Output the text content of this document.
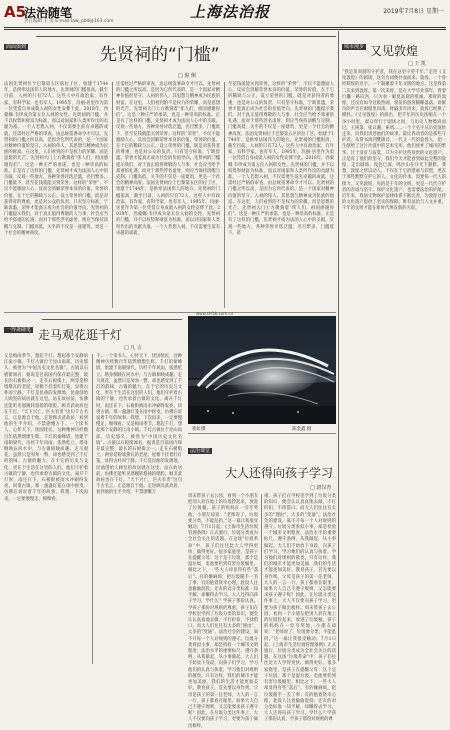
A5
法治随笔
责任编辑 王 炎 E-mail:law_pbd@163.com
上海法治报	2019年7月8日 星期一
面面俱到	先贤祠的“门槛”
□ 倪 炯
法国先贤祠位于巴黎第五区的拉丁区，始建于1744年，是供奉法国伟人的地方。先贤祠的门槛很高，截至目前，入祠的只有72人。这些人中有政治家，有作家，有科学家，也有军人。1995年，玛丽·居里作为第一位凭借自身成就入祠的女性安葬于此。2018年，西蒙娜·韦伊成为第五位入祠的女性。先贤祠的门槛，并不以权势和财富为标准，而以对国家和人类所作出的贡献为准。一个人若想入祠，不仅需要生前有卓越的成就，还需经过严格的审查，由总统签署命令才可以。先贤祠的门槛之所以高，是因为它所代表的，是一个国家对精神价值的坚守。入祠的伟人，其思想与精神成为民族的财富。在这里，人们看到的不是权力的荣耀，而是思想的光芒。先贤祠大门上方镌刻着“伟人们，祖国感谢你们”。这是一种庄严的承诺，也是一种崇高的标准。正是有了这样的门槛，先贤祠才成为法国人心中的圣殿。反观一些地方，各种荣誉评选泛滥，名目繁多，门槛低下，甚至花钱就能买到荣誉。这样的“荣誉”，不仅不能激励人心，反而会消解荣誉本身的价值。荣誉的价值，在于它的稀缺与公正。设立荣誉的门槛，既是对获得者的尊重，也是对公众的负责。只有坚守标准，宁缺毋滥，荣誉才能真正成为社会的价值导向。先贤祠的门槛提示我们，对于真正值得尊敬的人与事，社会应当给予郑重的礼遇；而对于那些浮名虚誉，则应当保持清醒与克制。门槛高低，关乎的不仅是一座建筑，更是一个社会的精神高度。
还需经过严格的审查，由总统签署命令才可以。先贤祠的门槛之所以高，是因为它所代表的，是一个国家对精神价值的坚守。入祠的伟人，其思想与精神成为民族的财富。在这里，人们看到的不是权力的荣耀，而是思想的光芒。先贤祠大门上方镌刻着“伟人们，祖国感谢你们”。这是一种庄严的承诺，也是一种崇高的标准。正是有了这样的门槛，先贤祠才成为法国人心中的圣殿。反观一些地方，各种荣誉评选泛滥，名目繁多，门槛低下，甚至花钱就能买到荣誉。这样的“荣誉”，不仅不能激励人心，反而会消解荣誉本身的价值。荣誉的价值，在于它的稀缺与公正。设立荣誉的门槛，既是对获得者的尊重，也是对公众的负责。只有坚守标准，宁缺毋滥，荣誉才能真正成为社会的价值导向。先贤祠的门槛提示我们，对于真正值得尊敬的人与事，社会应当给予郑重的礼遇；而对于那些浮名虚誉，则应当保持清醒与克制。门槛高低，关乎的不仅是一座建筑，更是一个社会的精神高度。法国先贤祠位于巴黎第五区的拉丁区，始建于1744年，是供奉法国伟人的地方。先贤祠的门槛很高，截至目前，入祠的只有72人。这些人中有政治家，有作家，有科学家，也有军人。1995年，玛丽·居里作为第一位凭借自身成就入祠的女性安葬于此。2018年，西蒙娜·韦伊成为第五位入祠的女性。先贤祠的门槛，并不以权势和财富为标准，而以对国家和人类所作出的贡献为准。一个人若想入祠，不仅需要生前有卓越的成就，
至花钱就能买到荣誉。这样的“荣誉”，不仅不能激励人心，反而会消解荣誉本身的价值。荣誉的价值，在于它的稀缺与公正。设立荣誉的门槛，既是对获得者的尊重，也是对公众的负责。只有坚守标准，宁缺毋滥，荣誉才能真正成为社会的价值导向。先贤祠的门槛提示我们，对于真正值得尊敬的人与事，社会应当给予郑重的礼遇；而对于那些浮名虚誉，则应当保持清醒与克制。门槛高低，关乎的不仅是一座建筑，更是一个社会的精神高度。法国先贤祠位于巴黎第五区的拉丁区，始建于1744年，是供奉法国伟人的地方。先贤祠的门槛很高，截至目前，入祠的只有72人。这些人中有政治家，有作家，有科学家，也有军人。1995年，玛丽·居里作为第一位凭借自身成就入祠的女性安葬于此。2018年，西蒙娜·韦伊成为第五位入祠的女性。先贤祠的门槛，并不以权势和财富为标准，而以对国家和人类所作出的贡献为准。一个人若想入祠，不仅需要生前有卓越的成就，还需经过严格的审查，由总统签署命令才可以。先贤祠的门槛之所以高，是因为它所代表的，是一个国家对精神价值的坚守。入祠的伟人，其思想与精神成为民族的财富。在这里，人们看到的不是权力的荣耀，而是思想的光芒。先贤祠大门上方镌刻着“伟人们，祖国感谢你们”。这是一种庄严的承诺，也是一种崇高的标准。正是有了这样的门槛，先贤祠才成为法国人心中的圣殿。反观一些地方，各种荣誉评选泛滥，名目繁多，门槛低下，甚
城市漫步 又见敦煌
□ 王 凯
“我是莫高窟的守护者，我在这里守望千年。”走进《又见敦煌》的剧场，这句台词便扑面而来。敦煌，一个曾经辉煌的名字，一个凝聚着千年文明的地方。这是我第二次来到敦煌。第一次来时，是在大学毕业那年，背着行囊一路向西，只为看一眼莫高窟的壁画。那时的敦煌，还没有如今这般热闹，窟前的游客稀稀落落，讲解员的声音在洞窟里回荡。时隔多年再来，敦煌已经换了模样。《又见敦煌》的演出，把千年的历史浓缩在一个多小时里，观众穿行于剧场之间，与历史人物擦肩而过。王圆箓、张议潮、索靖……一个个名字从历史深处走来，向我们讲述他们的故事。最让我动容的是那些守护者。从常书鸿到樊锦诗，一代又一代的敦煌人，把一生献给了这片沙漠中的艺术宝库。他们放弃了城市的繁华，甘于清贫与寂寞，只为守护这些珍贵的文化遗产。正是有了他们的坚守，我们今天才能看到如此完整的敦煌。走出剧场，夜色已深，鸣沙山在月光下静默。我想，敦煌之所以动人，不仅在于它的壁画与彩塑，更在于那些默默守护它的人。文化的传承，需要每一代人的接力。又见敦煌，见的是千年的文明，更是一代代守护者的赤诚与坚守。保护文化遗产，也需要法治的护航。近年来，我国文物保护法律体系不断完善，为敦煌这样的文化遗产提供了坚实的保障。唯有法治与人文并重，千年的文明才能在新时代焕发新的光彩。
一得斋随笔 走马观花逛千灯
□ 凡 言
又是梅雨季节，想起千灯，想起那个安静的江南小镇。千灯古镇位于昆山南部，历史悠久，被誉为“中国历史文化名镇”。古镇以石板街闻名，据说是目前国内保存最完整、最长的石板街之一。走在石板街上，两旁是粉墙黛瓦的老屋，屋檐下挂着红灯笼，显得古朴而宁静。千灯是昆曲的发源地，昆曲创始人顾坚的故居就在这里。站在故居前，仿佛还能听见那婉转悠扬的唱腔。顾炎武故居也在千灯，“天下兴亡，匹夫有责”这句千古名言，正是源自于他。走进顾炎武故居，看到他的生平介绍，不禁感慨万千。一个读书人，心怀天下，忧国忧民，这种精神历经数百年依然熠熠生辉。千灯的秦峰塔，始建于南朝梁代，历经千年风雨，依然屹立。塔身倒映在河水中，与古镇相映成趣。走马观花，虽然只是匆匆一瞥，却也感受到了千灯的韵味。古镇的魅力，在于它的历史与文化，更在于生活在这里的人们。他们守护着古镇的宁静，也传承着古镇的文化。离开千灯时，雨还在下，石板街被雨水冲刷得发亮。回望古镇，那一盏盏灯笼在雨中摇曳，仿佛在诉说着千年的故事。我想，下次再来，一定要慢慢走，细细看。
千。一个读书人，心怀天下，忧国忧民，这种精神历经数百年依然熠熠生辉。千灯的秦峰塔，始建于南朝梁代，历经千年风雨，依然屹立。塔身倒映在河水中，与古镇相映成趣。走马观花，虽然只是匆匆一瞥，却也感受到了千灯的韵味。古镇的魅力，在于它的历史与文化，更在于生活在这里的人们。他们守护着古镇的宁静，也传承着古镇的文化。离开千灯时，雨还在下，石板街被雨水冲刷得发亮。回望古镇，那一盏盏灯笼在雨中摇曳，仿佛在诉说着千年的故事。我想，下次再来，一定要慢慢走，细细看。又是梅雨季节，想起千灯，想起那个安静的江南小镇。千灯古镇位于昆山南部，历史悠久，被誉为“中国历史文化名镇”。古镇以石板街闻名，据说是目前国内保存最完整、最长的石板街之一。走在石板街上，两旁是粉墙黛瓦的老屋，屋檐下挂着红灯笼，显得古朴而宁静。千灯是昆曲的发源地，昆曲创始人顾坚的故居就在这里。站在故居前，仿佛还能听见那婉转悠扬的唱腔。顾炎武故居也在千灯，“天下兴亡，匹夫有责”这句千古名言，正是源自于他。走进顾炎武故居，看到他的生平介绍，不禁感慨万
崔虹摄	陈金鑫 摄
法治课堂
大人还得向孩子学习
□ 唐汉青
周末带孩子去公园，看到一个小朋友把别人扔在地上的垃圾捡起来，放进了垃圾桶。孩子的妈妈在一旁夸奖他，小朋友却说：“老师说了，垃圾要分类，不能乱扔。”这一幕让我很受触动。7月1日起，《上海市生活垃圾管理条例》正式施行，垃圾分类成为全社会关注的话题。在这场“垃圾革命”中，孩子们往往比大人学得更快、做得更好。很多家庭里，是孩子在提醒父母：这个是干垃圾，那个是湿垃圾，电池要扔到有害垃圾桶里。相比之下，一些大人却显得有些“落后”。有的嫌麻烦，把垃圾随手一丢了事；有的抱着侥幸心理，趁没人注意偷偷混投；还有的对分类标准一知半解，却懒得去学习。大人还得向孩子学习。学什么？学孩子那份认真，学孩子那份对规则的尊重。孩子们在学校里学到了垃圾分类的知识，便会认认真真地去做，不打折扣，不找借口。而大人们往往有太多的“理由”，太多的“变通”。法治社会的建设，离不开每一个人对规则的遵守。垃圾分类看似小事，却是检验一个城市文明程度、法治水平的重要标尺。遵守条例，从我做起，从小事做起。大人们不妨放下身段，向孩子们学习，学习他们的认真与执着，学习他们对规则的敬畏。只有这样，我们的城市才能更加美丽，我们的生活才能更加美好。教育孩子，首先要以身作则。父母是孩子的第一任老师，大人的一言一行，孩子都看在眼里。如果大人自己不遵守规则，又怎能要求孩子遵守呢？因此，在垃圾分类这件事上，大人不仅要向孩子学习，更要为孩子做出榜样。
重。孩子们在学校里学到了垃圾分类的知识，便会认认真真地去做，不打折扣，不找借口。而大人们往往有太多的“理由”，太多的“变通”。法治社会的建设，离不开每一个人对规则的遵守。垃圾分类看似小事，却是检验一个城市文明程度、法治水平的重要标尺。遵守条例，从我做起，从小事做起。大人们不妨放下身段，向孩子们学习，学习他们的认真与执着，学习他们对规则的敬畏。只有这样，我们的城市才能更加美丽，我们的生活才能更加美好。教育孩子，首先要以身作则。父母是孩子的第一任老师，大人的一言一行，孩子都看在眼里。如果大人自己不遵守规则，又怎能要求孩子遵守呢？因此，在垃圾分类这件事上，大人不仅要向孩子学习，更要为孩子做出榜样。周末带孩子去公园，看到一个小朋友把别人扔在地上的垃圾捡起来，放进了垃圾桶。孩子的妈妈在一旁夸奖他，小朋友却说：“老师说了，垃圾要分类，不能乱扔。”这一幕让我很受触动。7月1日起，《上海市生活垃圾管理条例》正式施行，垃圾分类成为全社会关注的话题。在这场“垃圾革命”中，孩子们往往比大人学得更快、做得更好。很多家庭里，是孩子在提醒父母：这个是干垃圾，那个是湿垃圾，电池要扔到有害垃圾桶里。相比之下，一些大人却显得有些“落后”。有的嫌麻烦，把垃圾随手一丢了事；有的抱着侥幸心理，趁没人注意偷偷混投；还有的对分类标准一知半解，却懒得去学习。大人还得向孩子学习。学什么？学孩子那份认真，学孩子那份对规则的尊
www.shfzb.com.cn
